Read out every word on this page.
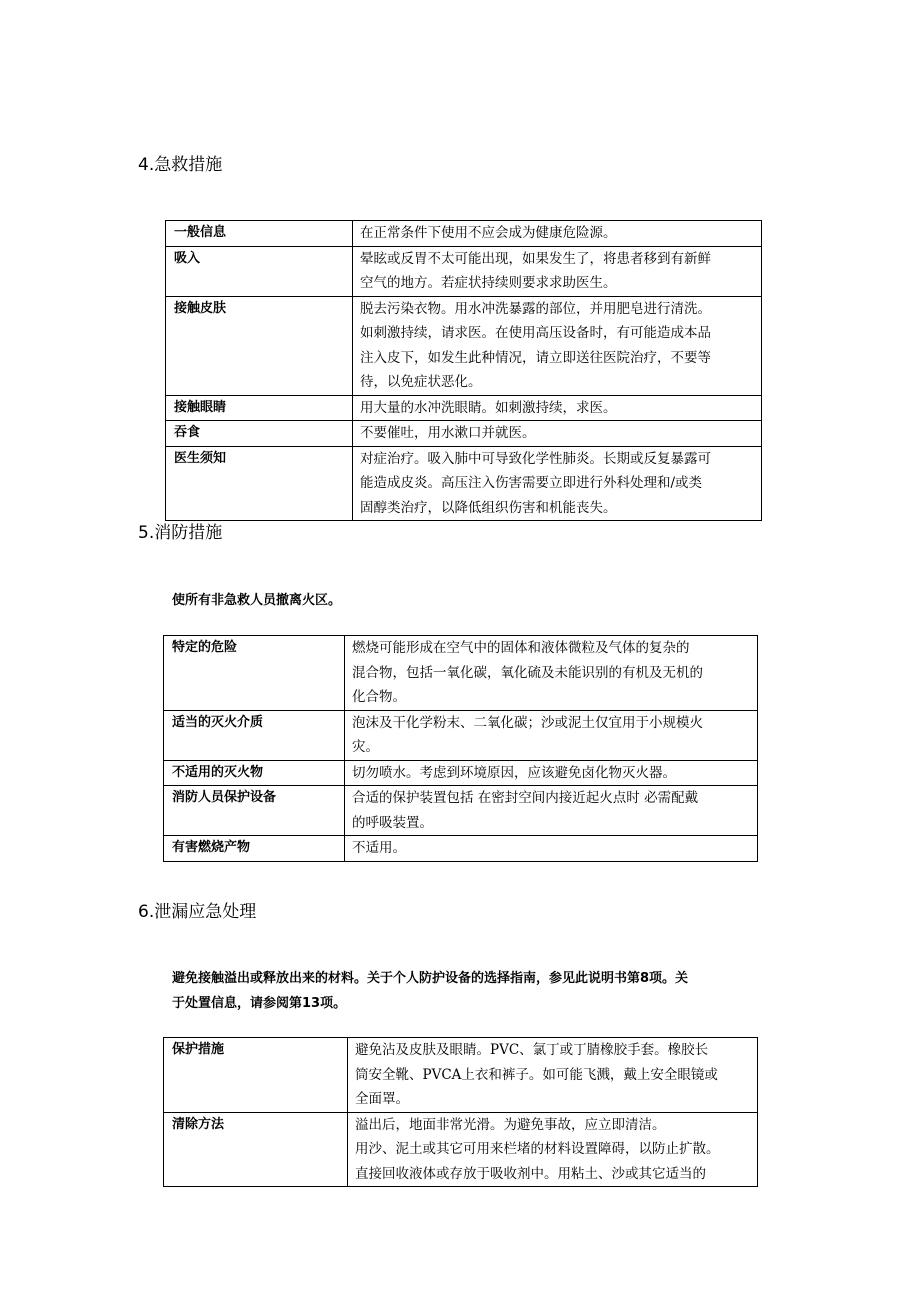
4.急救措施
一般信息	在正常条件下使用不应会成为健康危险源。

吸入	晕眩或反胃不太可能出现，如果发生了，将患者移到有新鲜
空气的地方。若症状持续则要求求助医生。

接触皮肤	脱去污染衣物。用水冲洗暴露的部位，并用肥皂进行清洗。
如刺激持续，请求医。在使用高压设备时，有可能造成本品
注入皮下，如发生此种情况，请立即送往医院治疗，不要等
待，以免症状恶化。

接触眼睛	用大量的水冲洗眼睛。如刺激持续，求医。

吞食	不要催吐，用水漱口并就医。

医生须知	对症治疗。吸入肺中可导致化学性肺炎。长期或反复暴露可
能造成皮炎。高压注入伤害需要立即进行外科处理和/或类
固醇类治疗，以降低组织伤害和机能丧失。
5.消防措施

使所有非急救人员撤离火区。

特定的危险	燃烧可能形成在空气中的固体和液体微粒及气体的复杂的
混合物，包括一氧化碳，氧化硫及未能识别的有机及无机的
化合物。

适当的灭火介质	泡沫及干化学粉末、二氧化碳；沙或泥土仅宜用于小规模火
灾。

不适用的灭火物	切勿喷水。考虑到环境原因，应该避免卤化物灭火器。

消防人员保护设备	合适的保护装置包括 在密封空间内接近起火点时 必需配戴
的呼吸装置。

有害燃烧产物	不适用。
6.泄漏应急处理
避免接触溢出或释放出来的材料。关于个人防护设备的选择指南，参见此说明书第8项。关
于处置信息，请参阅第13项。
保护措施	避免沾及皮肤及眼睛。PVC、氯丁或丁腈橡胶手套。橡胶长
筒安全靴、PVCA上衣和裤子。如可能飞溅，戴上安全眼镜或
全面罩。

清除方法	溢出后，地面非常光滑。为避免事故，应立即清洁。
用沙、泥土或其它可用来栏堵的材料设置障碍，以防止扩散。
直接回收液体或存放于吸收剂中。用粘土、沙或其它适当的
